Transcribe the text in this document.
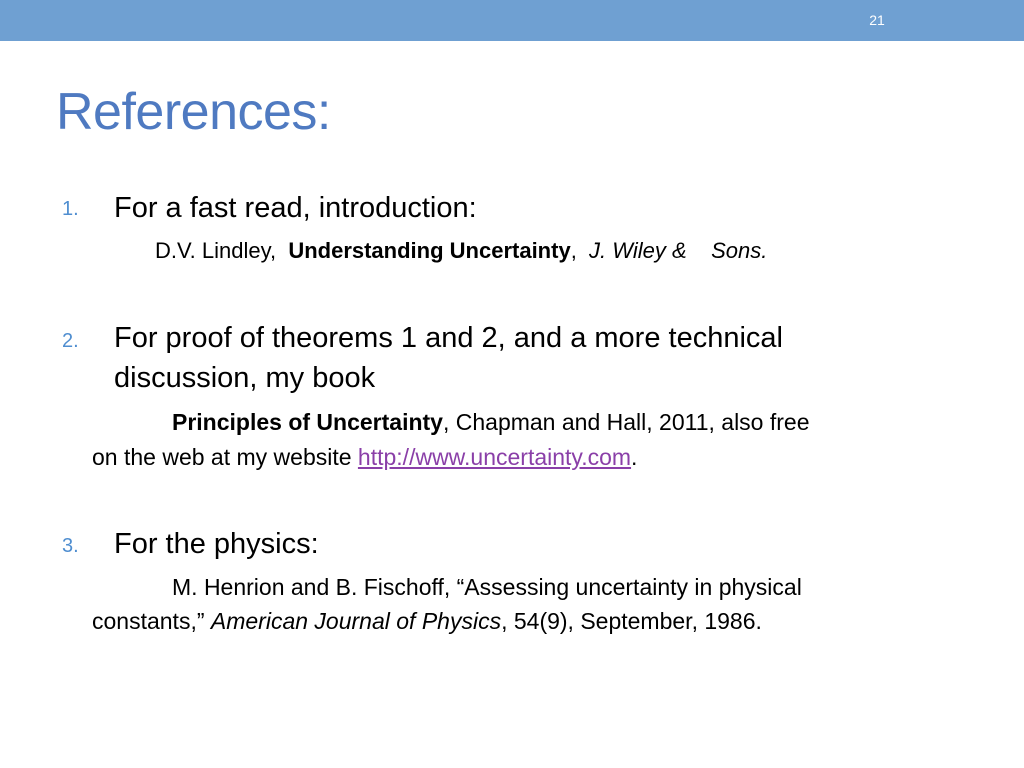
21
References:
1. For a fast read, introduction:
D.V. Lindley, Understanding Uncertainty, J. Wiley & Sons.
2. For proof of theorems 1 and 2, and a more technical
discussion, my book
Principles of Uncertainty, Chapman and Hall, 2011, also free
on the web at my website http://www.uncertainty.com.
3. For the physics:
M. Henrion and B. Fischoff, “Assessing uncertainty in physical
constants,” American Journal of Physics, 54(9), September, 1986.
